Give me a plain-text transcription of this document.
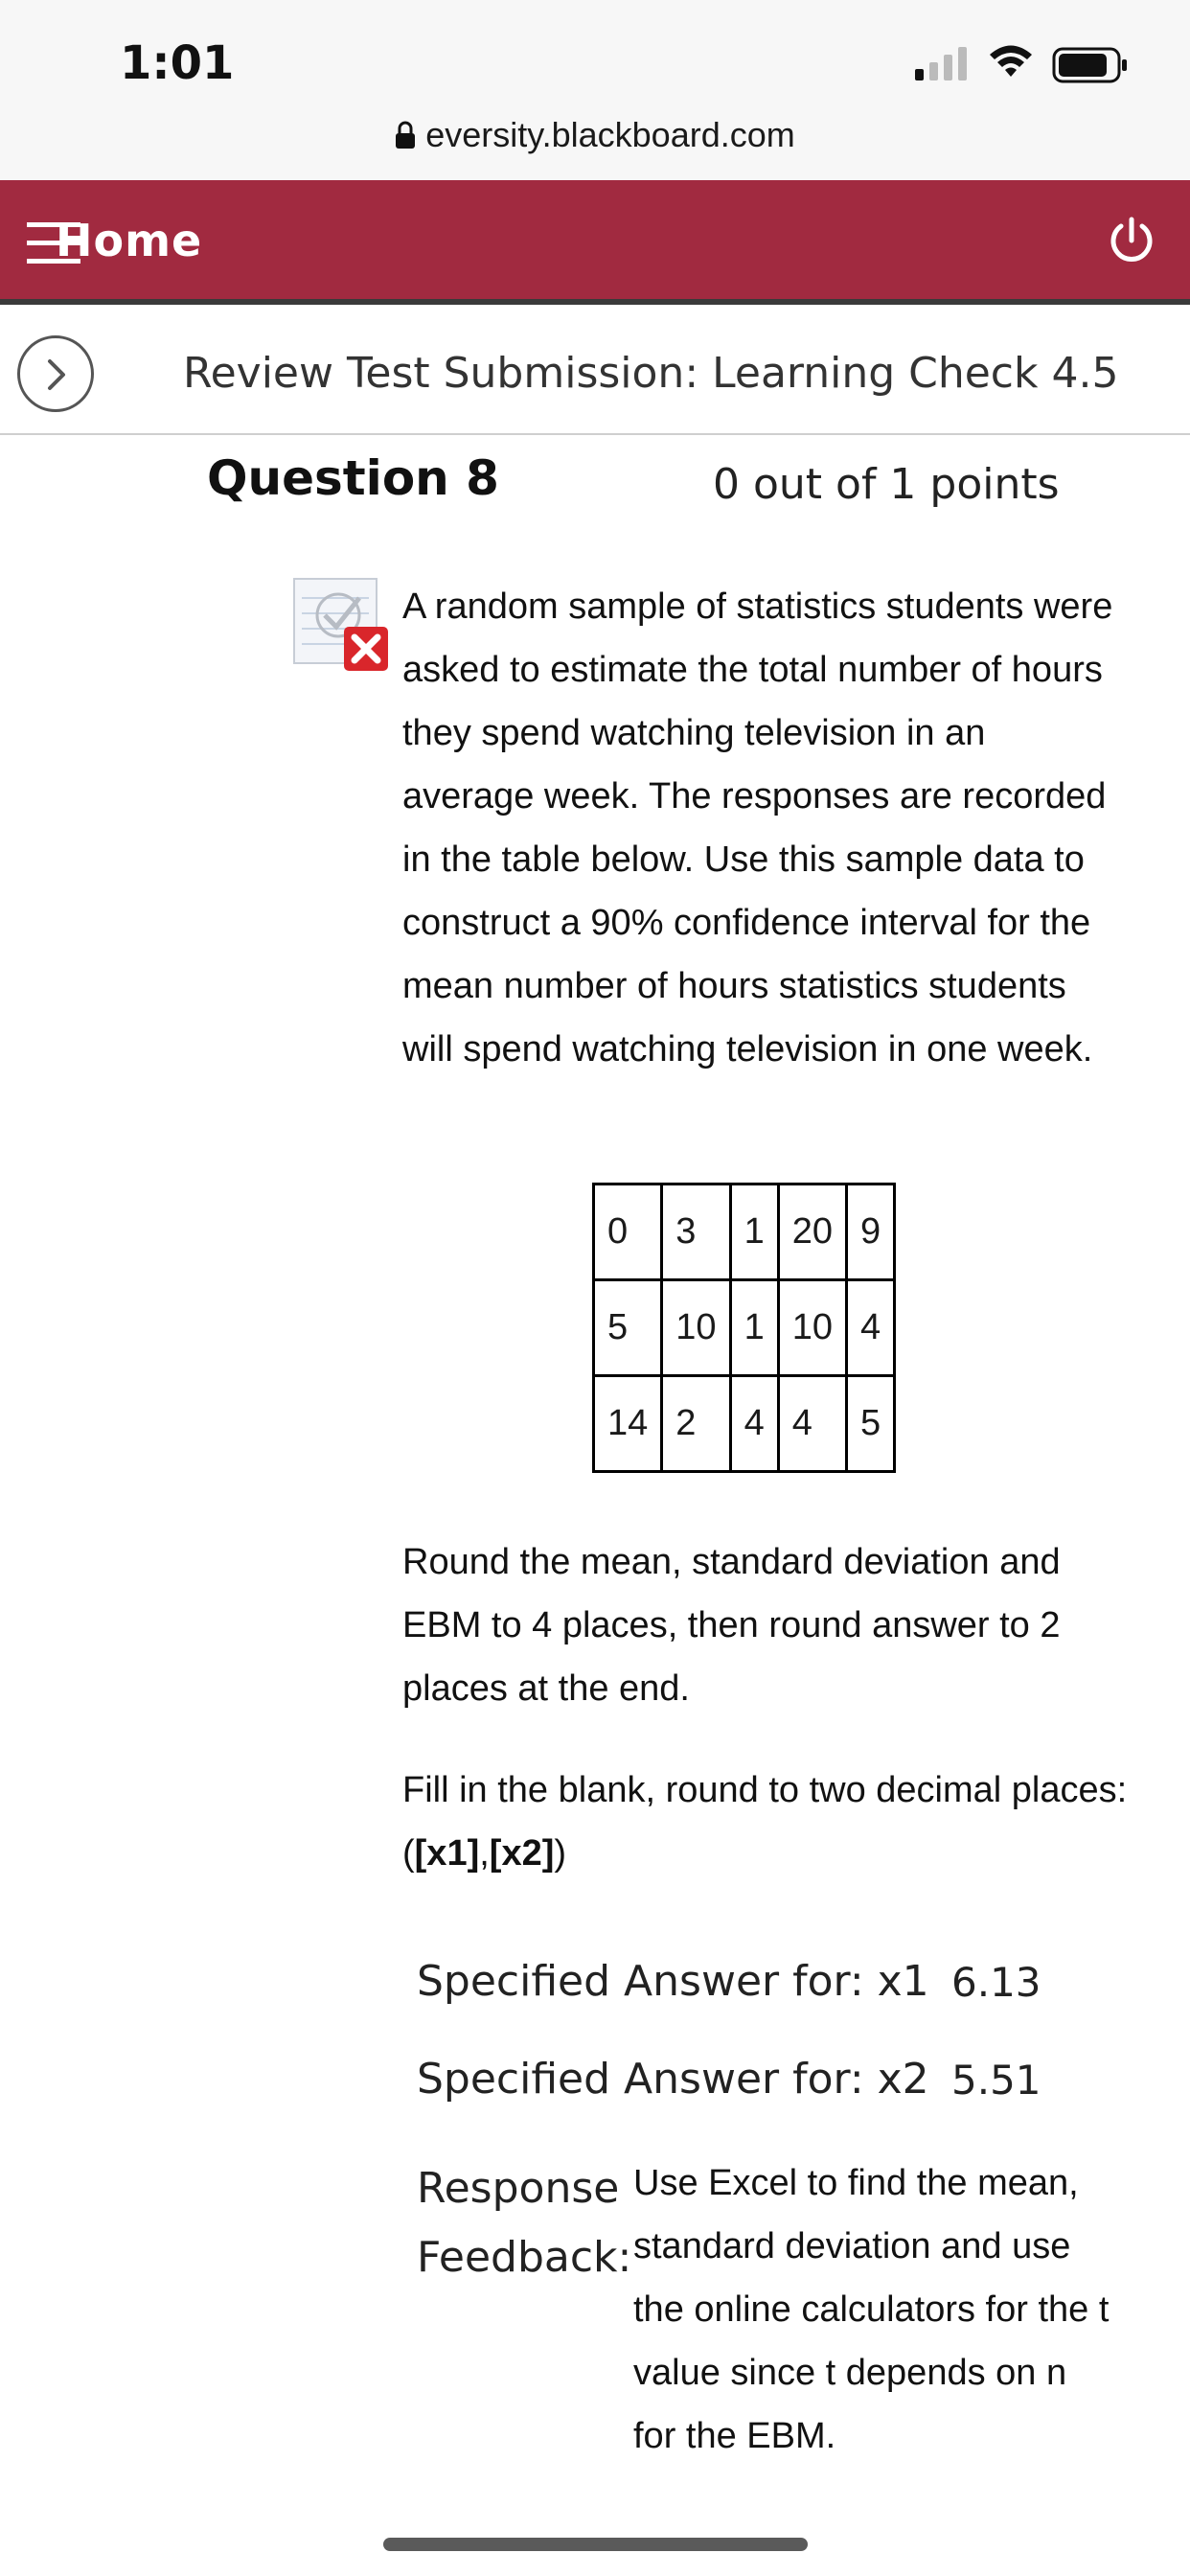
1:01
eversity.blackboard.com
Home
Review Test Submission: Learning Check 4.5
Question 8	0 out of 1 points
A random sample of statistics students were asked to estimate the total number of hours they spend watching television in an average week. The responses are recorded in the table below. Use this sample data to construct a 90% confidence interval for the mean number of hours statistics students will spend watching television in one week.
0	3	1	20	9
5	10	1	10	4
14	2	4	4	5
Round the mean, standard deviation and EBM to 4 places, then round answer to 2 places at the end.
Fill in the blank, round to two decimal places: ([x1],[x2])
Specified Answer for: x1 6.13
Specified Answer for: x2 5.51
Response
Feedback:
Use Excel to find the mean, standard deviation and use the online calculators for the t value since t depends on n for the EBM.
